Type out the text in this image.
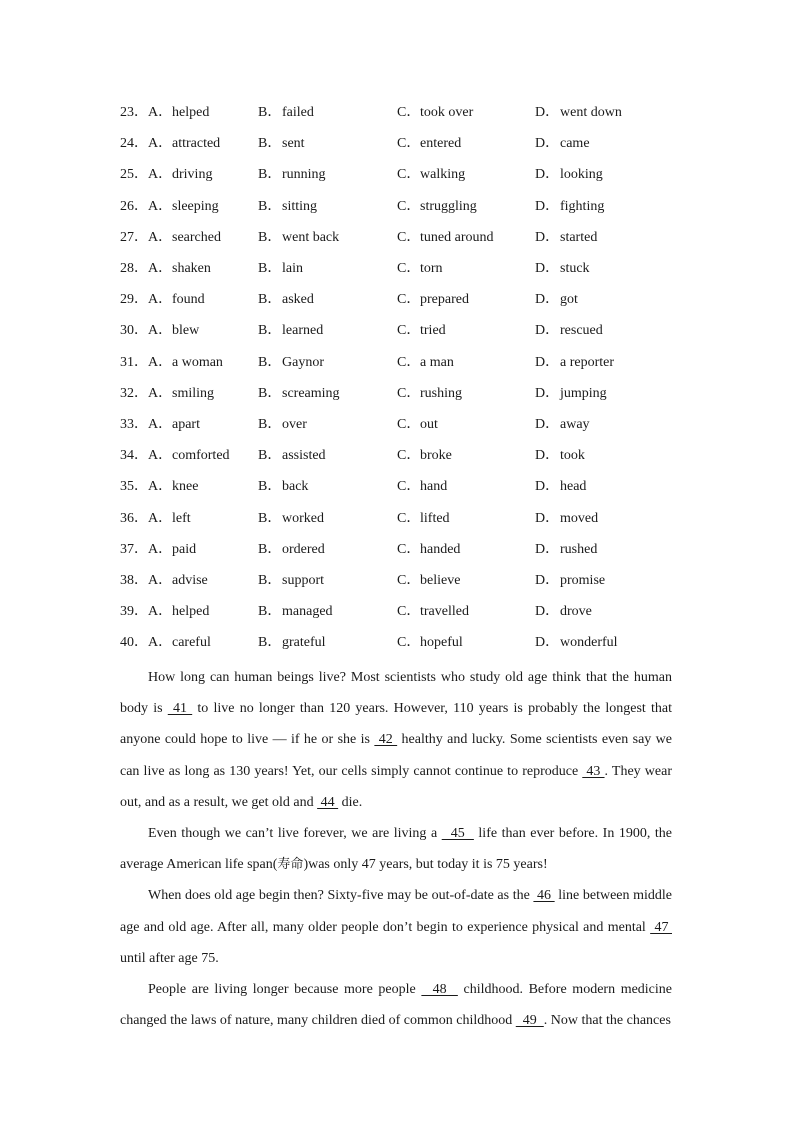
23．A． helped	B． failed	C． took over	D． went down
24．A． attracted	B． sent	C． entered	D． came
25．A． driving	B． running	C． walking	D． looking
26．A． sleeping	B． sitting	C． struggling	D． fighting
27．A． searched	B． went back	C． tuned around	D． started
28．A． shaken	B． lain	C． torn	D． stuck
29．A． found	B． asked	C． prepared	D． got
30．A． blew	B． learned	C． tried	D． rescued
31．A． a woman	B． Gaynor	C． a man	D． a reporter
32．A． smiling	B． screaming	C． rushing	D． jumping
33．A． apart	B． over	C． out	D． away
34．A． comforted B． assisted	C． broke	D． took
35．A． knee	B． back	C． hand	D． head
36．A． left	B． worked	C． lifted	D． moved
37．A． paid	B． ordered	C． handed	D． rushed
38．A． advise	B． support	C． believe	D． promise
39．A． helped	B． managed	C． travelled	D． drove
40．A． careful	B． grateful	C． hopeful	D． wonderful

How long can human beings live? Most scientists who study old age think that the human body is  41  to live no longer than 120 years. However, 110 years is probably the longest that anyone could hope to live — if he or she is  42  healthy and lucky. Some scientists even say we can live as long as 130 years! Yet, our cells simply cannot continue to reproduce  43 . They wear out, and as a result, we get old and  44  die.

Even though we can’t live forever, we are living a   45   life than ever before. In 1900, the average American life span(寿命)was only 47 years, but today it is 75 years!

When does old age begin then? Sixty-five may be out-of-date as the  46  line between middle age and old age. After all, many older people don’t begin to experience physical and mental  47  until after age 75.

People are living longer because more people   48   childhood. Before modern medicine changed the laws of nature, many children died of common childhood   49  . Now that the chances
